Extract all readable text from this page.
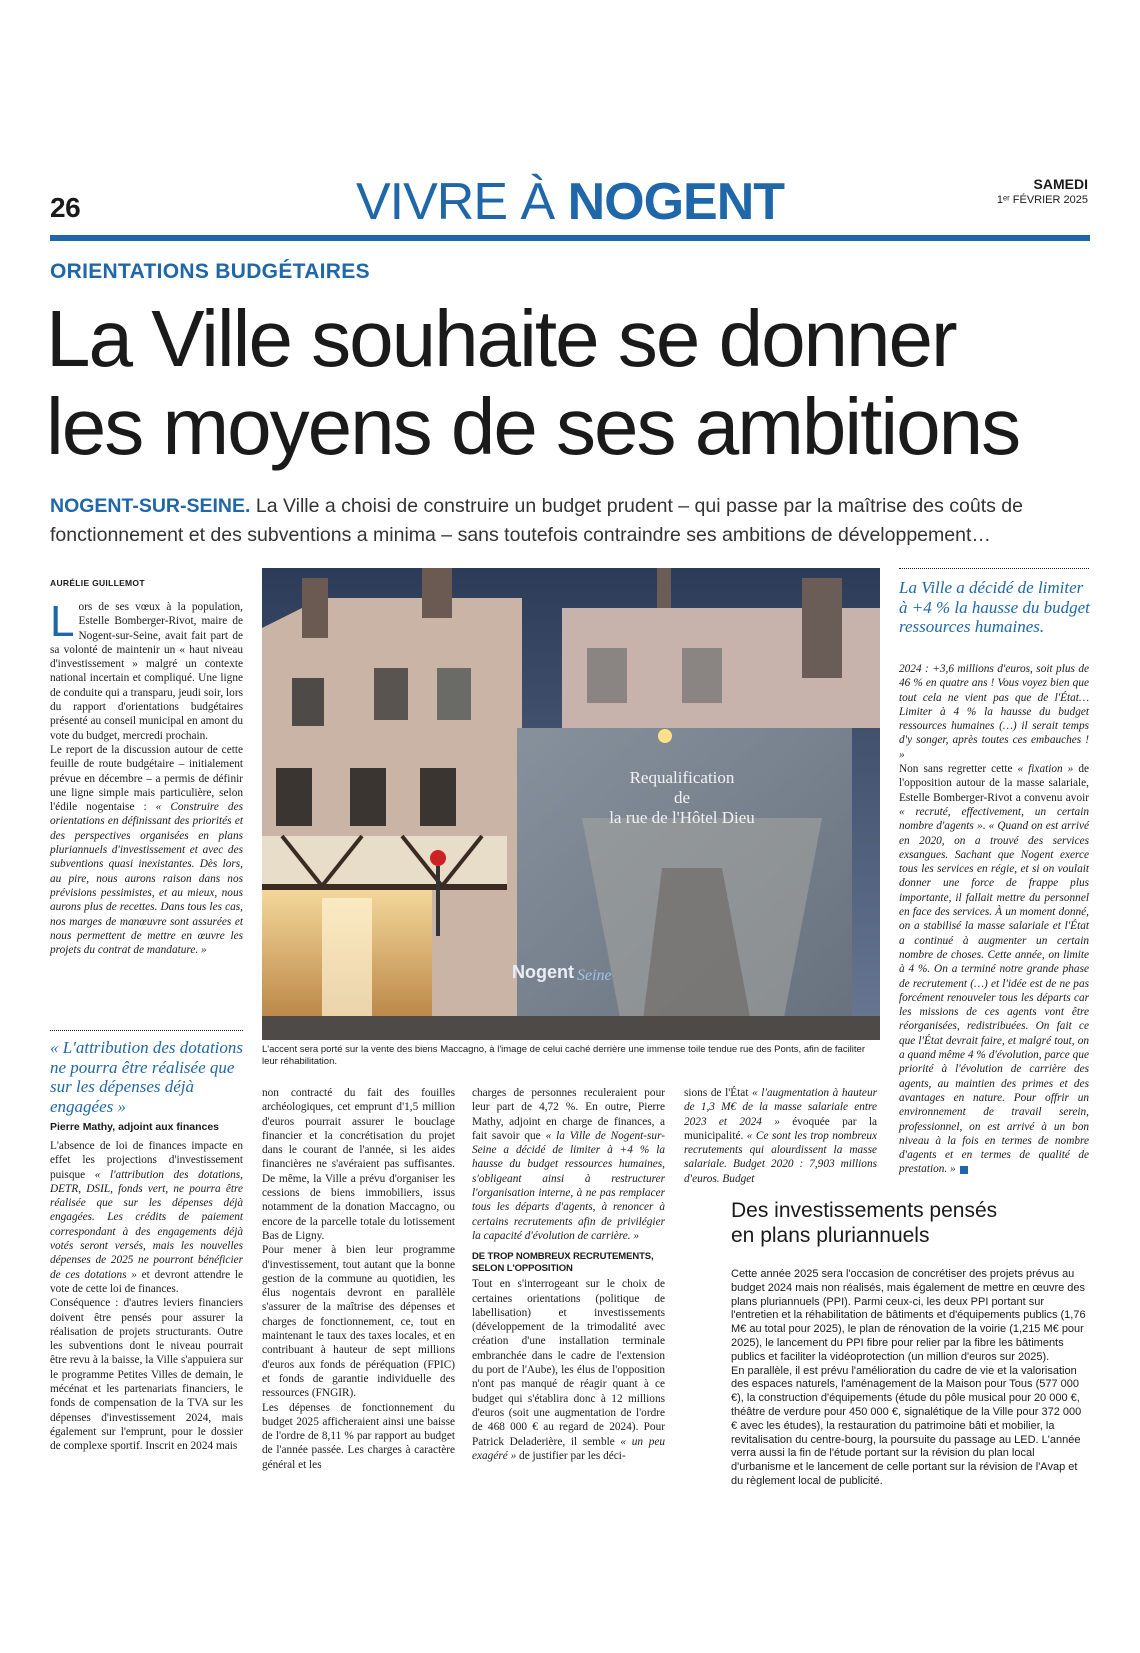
26	VIVRE À NOGENT	SAMEDI
1ᵉʳ FÉVRIER 2025
ORIENTATIONS BUDGÉTAIRES
La Ville souhaite se donner
les moyens de ses ambitions
NOGENT-SUR-SEINE. La Ville a choisi de construire un budget prudent – qui passe par la maîtrise des coûts de fonctionnement et des subventions a minima – sans toutefois contraindre ses ambitions de développement…
AURÉLIE GUILLEMOT

Lors de ses vœux à la population, Estelle Bomberger-Rivot, maire de Nogent-sur-Seine, avait fait part de sa volonté de maintenir un « haut niveau d'investissement » malgré un contexte national incertain et compliqué. Une ligne de conduite qui a transparu, jeudi soir, lors du rapport d'orientations budgétaires présenté au conseil municipal en amont du vote du budget, mercredi prochain.

Le report de la discussion autour de cette feuille de route budgétaire – initialement prévue en décembre – a permis de définir une ligne simple mais particulière, selon l'édile nogentaise : « Construire des orientations en définissant des priorités et des perspectives organisées en plans pluriannuels d'investissement et avec des subventions quasi inexistantes. Dès lors, au pire, nous aurons raison dans nos prévisions pessimistes, et au mieux, nous aurons plus de recettes. Dans tous les cas, nos marges de manœuvre sont assurées et nous permettent de mettre en œuvre les projets du contrat de mandature. »

« L'attribution des dotations ne pourra être réalisée que sur les dépenses déjà engagées »
Pierre Mathy, adjoint aux finances

L'absence de loi de finances impacte en effet les projections d'investissement puisque « l'attribution des dotations, DETR, DSIL, fonds vert, ne pourra être réalisée que sur les dépenses déjà engagées. Les crédits de paiement correspondant à des engagements déjà votés seront versés, mais les nouvelles dépenses de 2025 ne pourront bénéficier de ces dotations » et devront attendre le vote de cette loi de finances.

Conséquence : d'autres leviers financiers doivent être pensés pour assurer la réalisation de projets structurants. Outre les subventions dont le niveau pourrait être revu à la baisse, la Ville s'appuiera sur le programme Petites Villes de demain, le mécénat et les partenariats financiers, le fonds de compensation de la TVA sur les dépenses d'investissement 2024, mais également sur l'emprunt, pour le dossier de complexe sportif. Inscrit en 2024 mais

Requalification
de
la rue de l'Hôtel Dieu
Nogent Seine
L'accent sera porté sur la vente des biens Maccagno, à l'image de celui caché derrière une immense toile tendue rue des Ponts, afin de faciliter leur réhabilitation.

non contracté du fait des fouilles archéologiques, cet emprunt d'1,5 million d'euros pourrait assurer le bouclage financier et la concrétisation du projet dans le courant de l'année, si les aides financières ne s'avéraient pas suffisantes. De même, la Ville a prévu d'organiser les cessions de biens immobiliers, issus notamment de la donation Maccagno, ou encore de la parcelle totale du lotissement Bas de Ligny.

Pour mener à bien leur programme d'investissement, tout autant que la bonne gestion de la commune au quotidien, les élus nogentais devront en parallèle s'assurer de la maîtrise des dépenses et charges de fonctionnement, ce, tout en maintenant le taux des taxes locales, et en contribuant à hauteur de sept millions d'euros aux fonds de péréquation (FPIC) et fonds de garantie individuelle des ressources (FNGIR).

Les dépenses de fonctionnement du budget 2025 afficheraient ainsi une baisse de l'ordre de 8,11 % par rapport au budget de l'année passée. Les charges à caractère général et les

charges de personnes reculeraient pour leur part de 4,72 %. En outre, Pierre Mathy, adjoint en charge de finances, a fait savoir que « la Ville de Nogent-sur-Seine a décidé de limiter à +4 % la hausse du budget ressources humaines, s'obligeant ainsi à restructurer l'organisation interne, à ne pas remplacer tous les départs d'agents, à renoncer à certains recrutements afin de privilégier la capacité d'évolution de carrière. »

DE TROP NOMBREUX RECRUTEMENTS,
SELON L'OPPOSITION

Tout en s'interrogeant sur le choix de certaines orientations (politique de labellisation) et investissements (développement de la trimodalité avec création d'une installation terminale embranchée dans le cadre de l'extension du port de l'Aube), les élus de l'opposition n'ont pas manqué de réagir quant à ce budget qui s'établira donc à 12 millions d'euros (soit une augmentation de l'ordre de 468 000 € au regard de 2024). Pour Patrick Deladerière, il semble « un peu exagéré » de justifier par les déci-

sions de l'État « l'augmentation à hauteur de 1,3 M€ de la masse salariale entre 2023 et 2024 » évoquée par la municipalité. « Ce sont les trop nombreux recrutements qui alourdissent la masse salariale. Budget 2020 : 7,903 millions d'euros. Budget

La Ville a décidé de limiter à +4 % la hausse du budget ressources humaines.

2024 : +3,6 millions d'euros, soit plus de 46 % en quatre ans ! Vous voyez bien que tout cela ne vient pas que de l'État… Limiter à 4 % la hausse du budget ressources humaines (…) il serait temps d'y songer, après toutes ces embauches ! »

Non sans regretter cette « fixation » de l'opposition autour de la masse salariale, Estelle Bomberger-Rivot a convenu avoir « recruté, effectivement, un certain nombre d'agents ». « Quand on est arrivé en 2020, on a trouvé des services exsangues. Sachant que Nogent exerce tous les services en régie, et si on voulait donner une force de frappe plus importante, il fallait mettre du personnel en face des services. À un moment donné, on a stabilisé la masse salariale et l'État a continué à augmenter un certain nombre de choses. Cette année, on limite à 4 %. On a terminé notre grande phase de recrutement (…) et l'idée est de ne pas forcément renouveler tous les départs car les missions de ces agents vont être réorganisées, redistribuées. On fait ce que l'État devrait faire, et malgré tout, on a quand même 4 % d'évolution, parce que priorité à l'évolution de carrière des agents, au maintien des primes et des avantages en nature. Pour offrir un environnement de travail serein, professionnel, on est arrivé à un bon niveau à la fois en termes de nombre d'agents et en termes de qualité de prestation. »

Des investissements pensés
en plans pluriannuels

Cette année 2025 sera l'occasion de concrétiser des projets prévus au budget 2024 mais non réalisés, mais également de mettre en œuvre des plans pluriannuels (PPI). Parmi ceux-ci, les deux PPI portant sur l'entretien et la réhabilitation de bâtiments et d'équipements publics (1,76 M€ au total pour 2025), le plan de rénovation de la voirie (1,215 M€ pour 2025), le lancement du PPI fibre pour relier par la fibre les bâtiments publics et faciliter la vidéoprotection (un million d'euros sur 2025).

En parallèle, il est prévu l'amélioration du cadre de vie et la valorisation des espaces naturels, l'aménagement de la Maison pour Tous (577 000 €), la construction d'équipements (étude du pôle musical pour 20 000 €, théâtre de verdure pour 450 000 €, signalétique de la Ville pour 372 000 € avec les études), la restauration du patrimoine bâti et mobilier, la revitalisation du centre-bourg, la poursuite du passage au LED. L'année verra aussi la fin de l'étude portant sur la révision du plan local d'urbanisme et le lancement de celle portant sur la révision de l'Avap et du règlement local de publicité.
